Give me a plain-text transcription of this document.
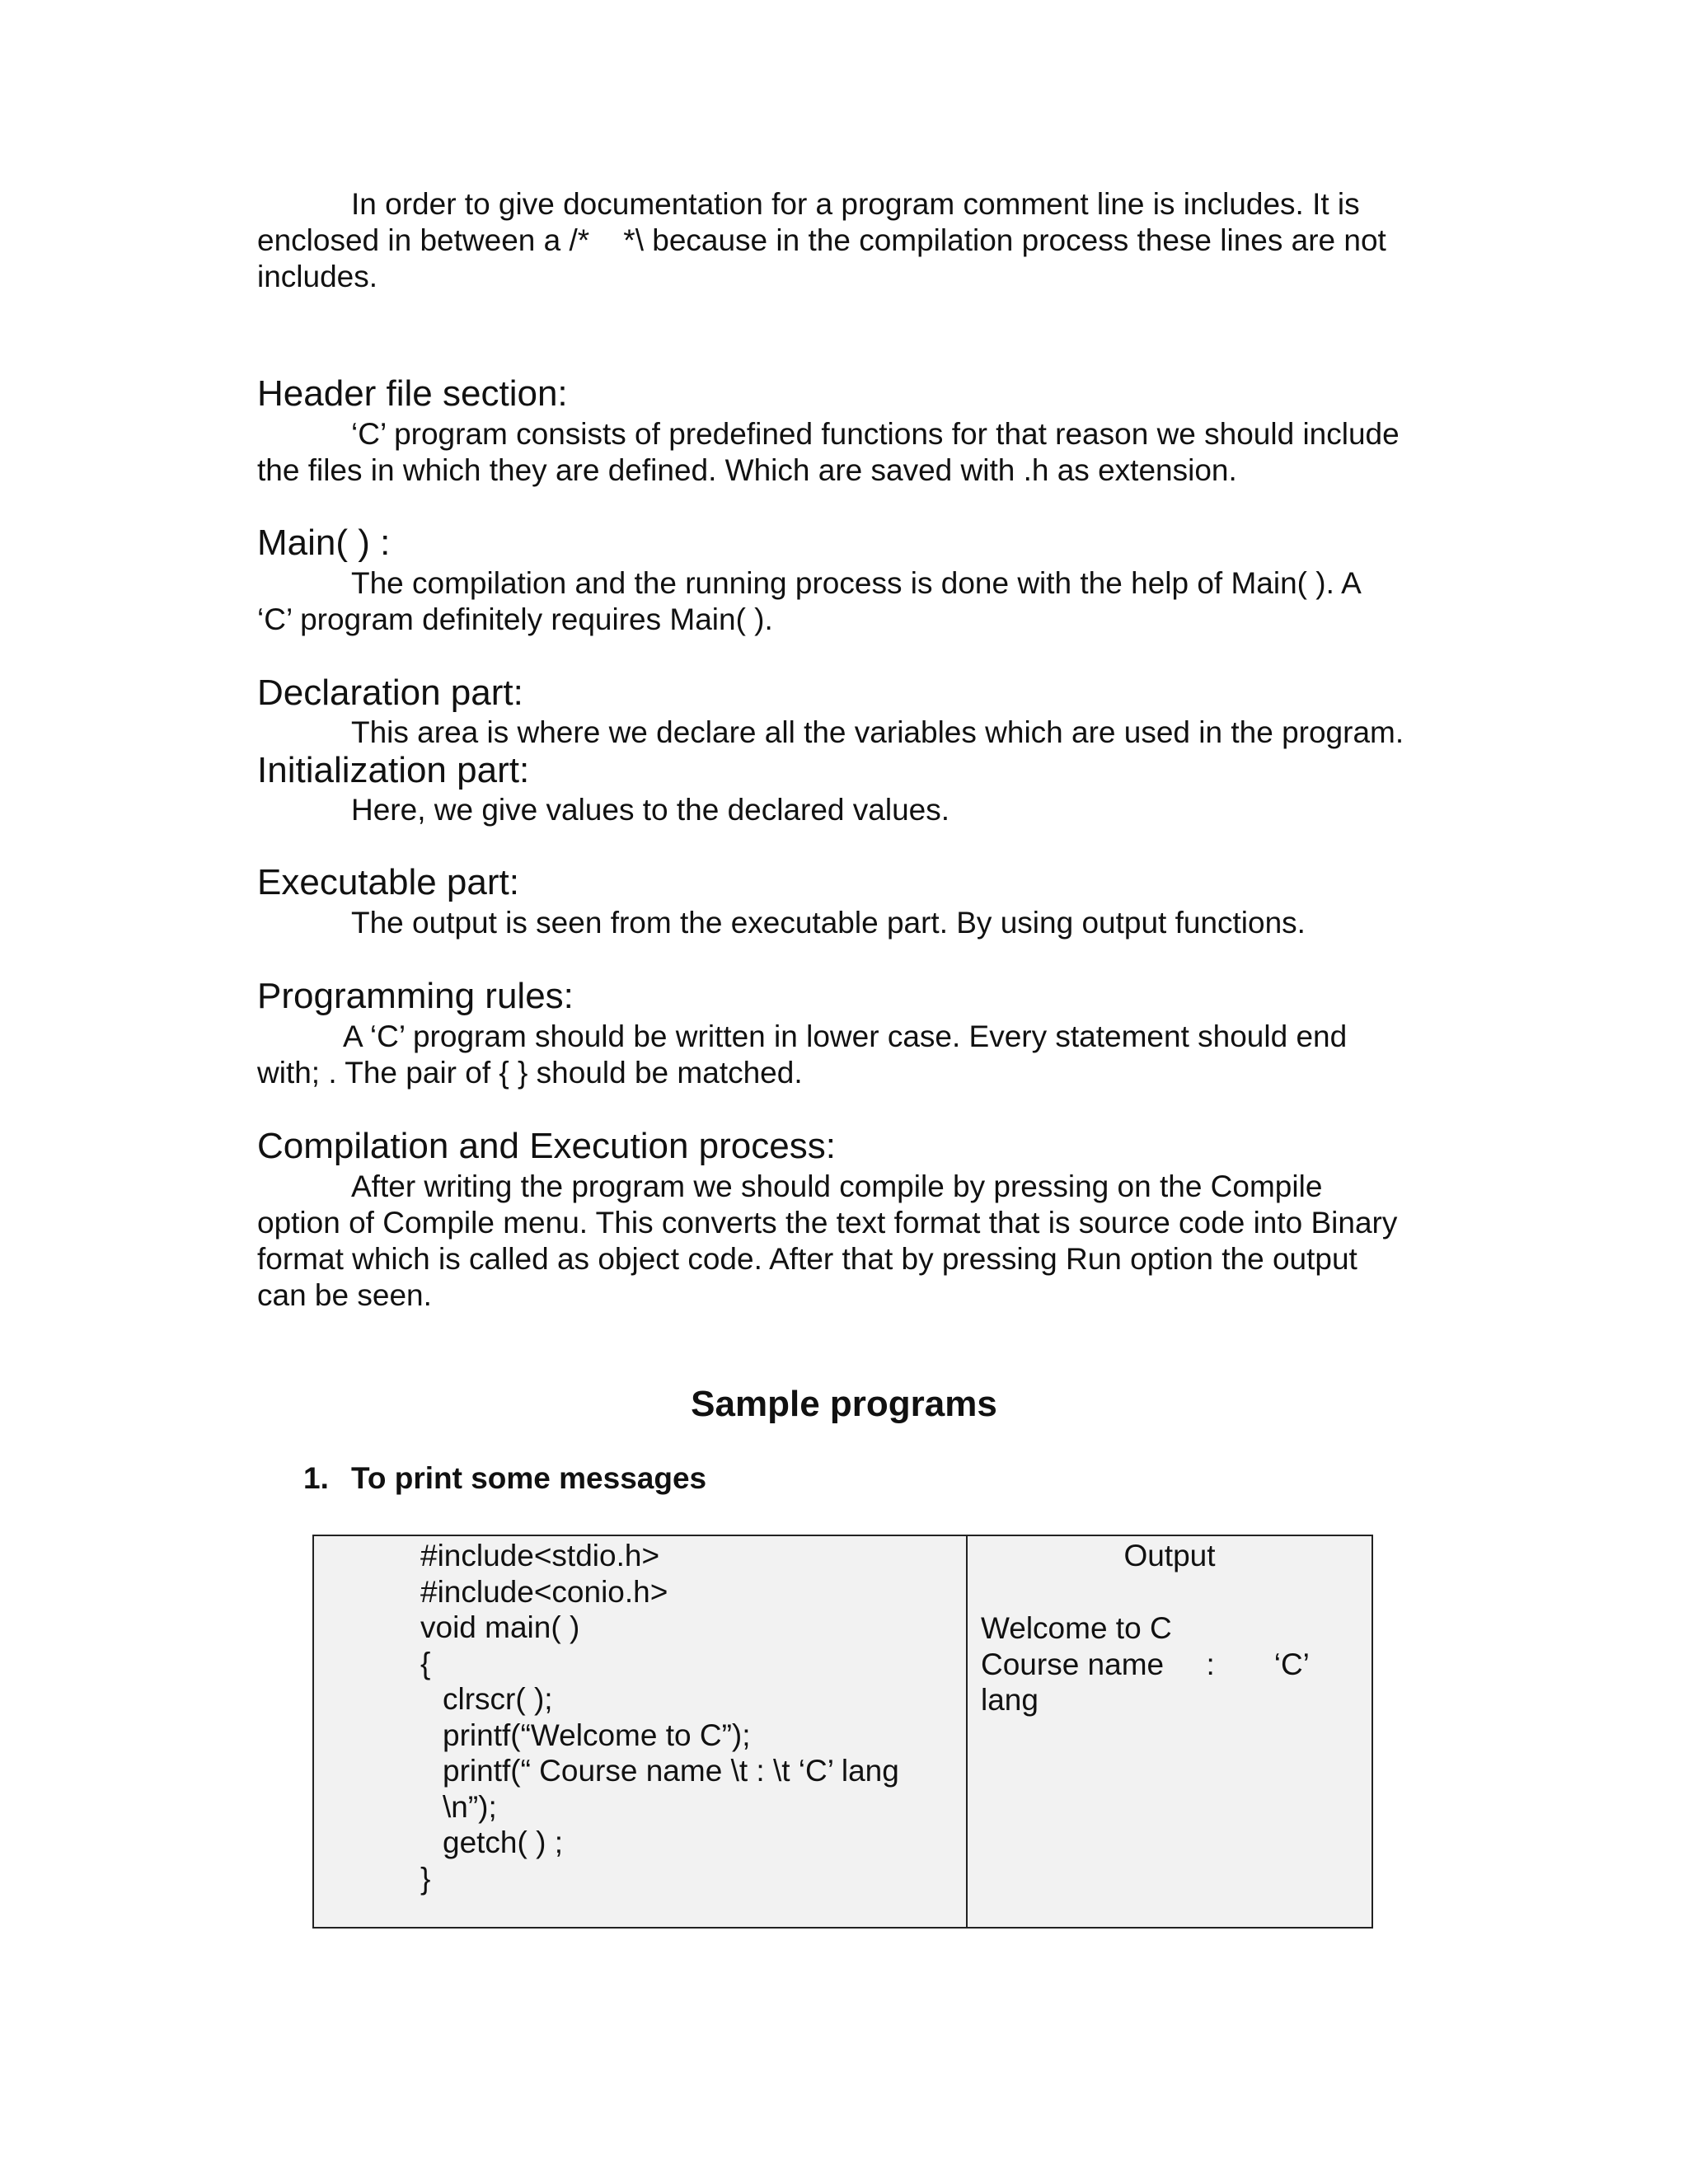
In order to give documentation for a program comment line is includes. It is
enclosed in between a /*    *\ because in the compilation process these lines are not
includes.

Header file section:

‘C’ program consists of predefined functions for that reason we should include
the files in which they are defined. Which are saved with .h as extension.

Main( ) :

The compilation and the running process is done with the help of Main( ). A
‘C’ program definitely requires Main( ).

Declaration part:

This area is where we declare all the variables which are used in the program.

Initialization part:

Here, we give values to the declared values.

Executable part:

The output is seen from the executable part. By using output functions.

Programming rules:

A ‘C’ program should be written in lower case. Every statement should end
with; . The pair of { } should be matched.

Compilation and Execution process:

After writing the program we should compile by pressing on the Compile
option of Compile menu. This converts the text format that is source code into Binary
format which is called as object code. After that by pressing Run option the output
can be seen.

Sample programs

1. To print some messages

#include<stdio.h>
#include<conio.h>
void main( )
{
clrscr( );
printf(“Welcome to C”);
printf(“ Course name \t : \t ‘C’ lang
\n”);
getch( ) ;
}

Output

Welcome to C
Course name     :       ‘C’
lang
